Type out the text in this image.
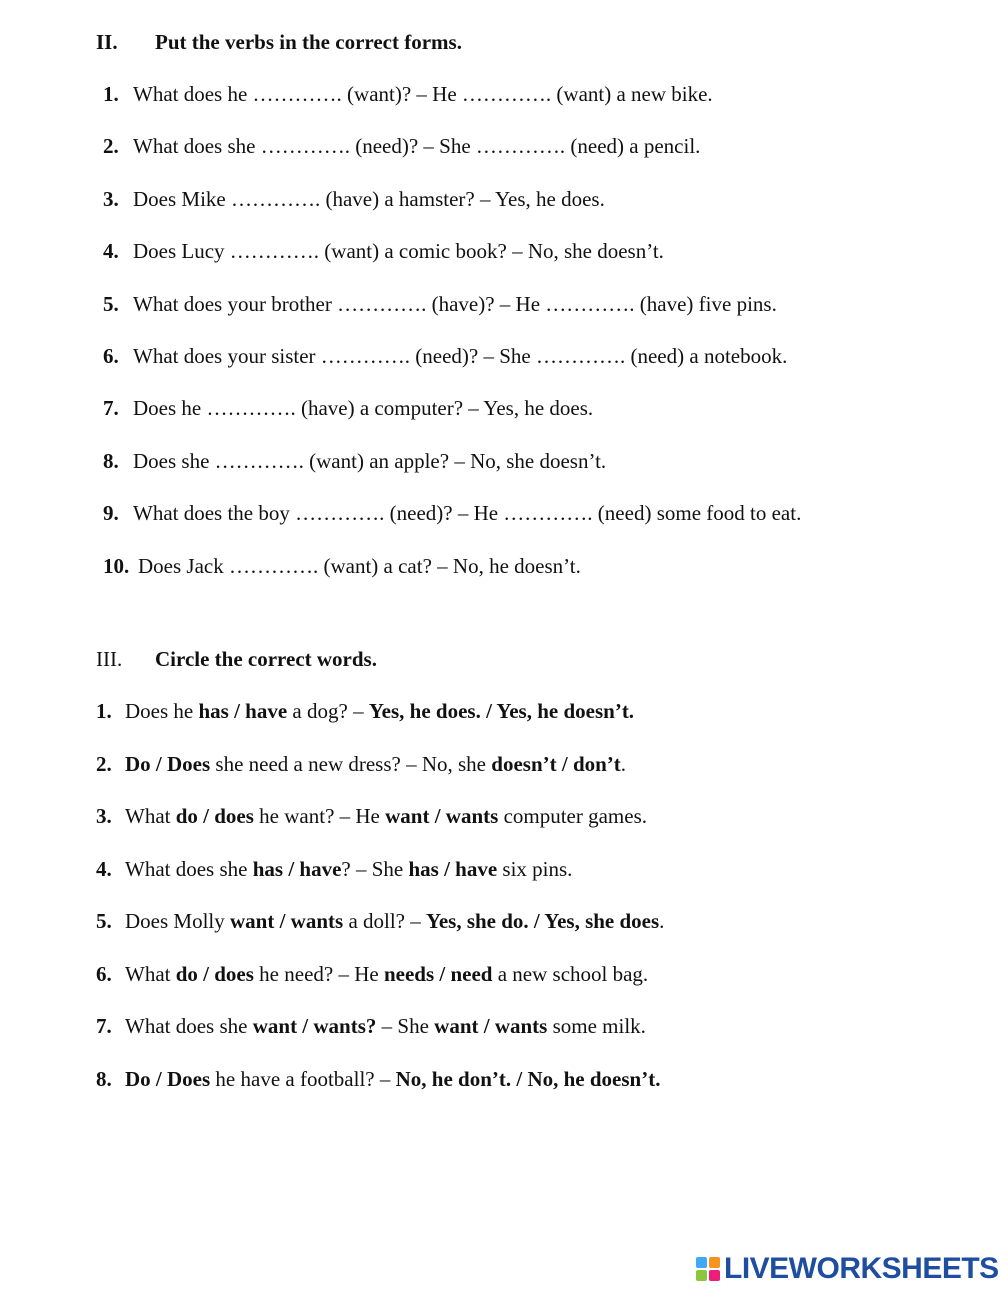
II. Put the verbs in the correct forms.
1. What does he …………. (want)? – He …………. (want) a new bike.
2. What does she …………. (need)? – She …………. (need) a pencil.
3. Does Mike …………. (have) a hamster? – Yes, he does.
4. Does Lucy …………. (want) a comic book? – No, she doesn’t.
5. What does your brother …………. (have)? – He …………. (have) five pins.
6. What does your sister …………. (need)? – She …………. (need) a notebook.
7. Does he …………. (have) a computer? – Yes, he does.
8. Does she …………. (want) an apple? – No, she doesn’t.
9. What does the boy …………. (need)? – He …………. (need) some food to eat.
10. Does Jack …………. (want) a cat? – No, he doesn’t.
III. Circle the correct words.
1. Does he has / have a dog? – Yes, he does. / Yes, he doesn’t.
2. Do / Does she need a new dress? – No, she doesn’t / don’t.
3. What do / does he want? – He want / wants computer games.
4. What does she has / have? – She has / have six pins.
5. Does Molly want / wants a doll? – Yes, she do. / Yes, she does.
6. What do / does he need? – He needs / need a new school bag.
7. What does she want / wants? – She want / wants some milk.
8. Do / Does he have a football? – No, he don’t. / No, he doesn’t.
LIVEWORKSHEETS
